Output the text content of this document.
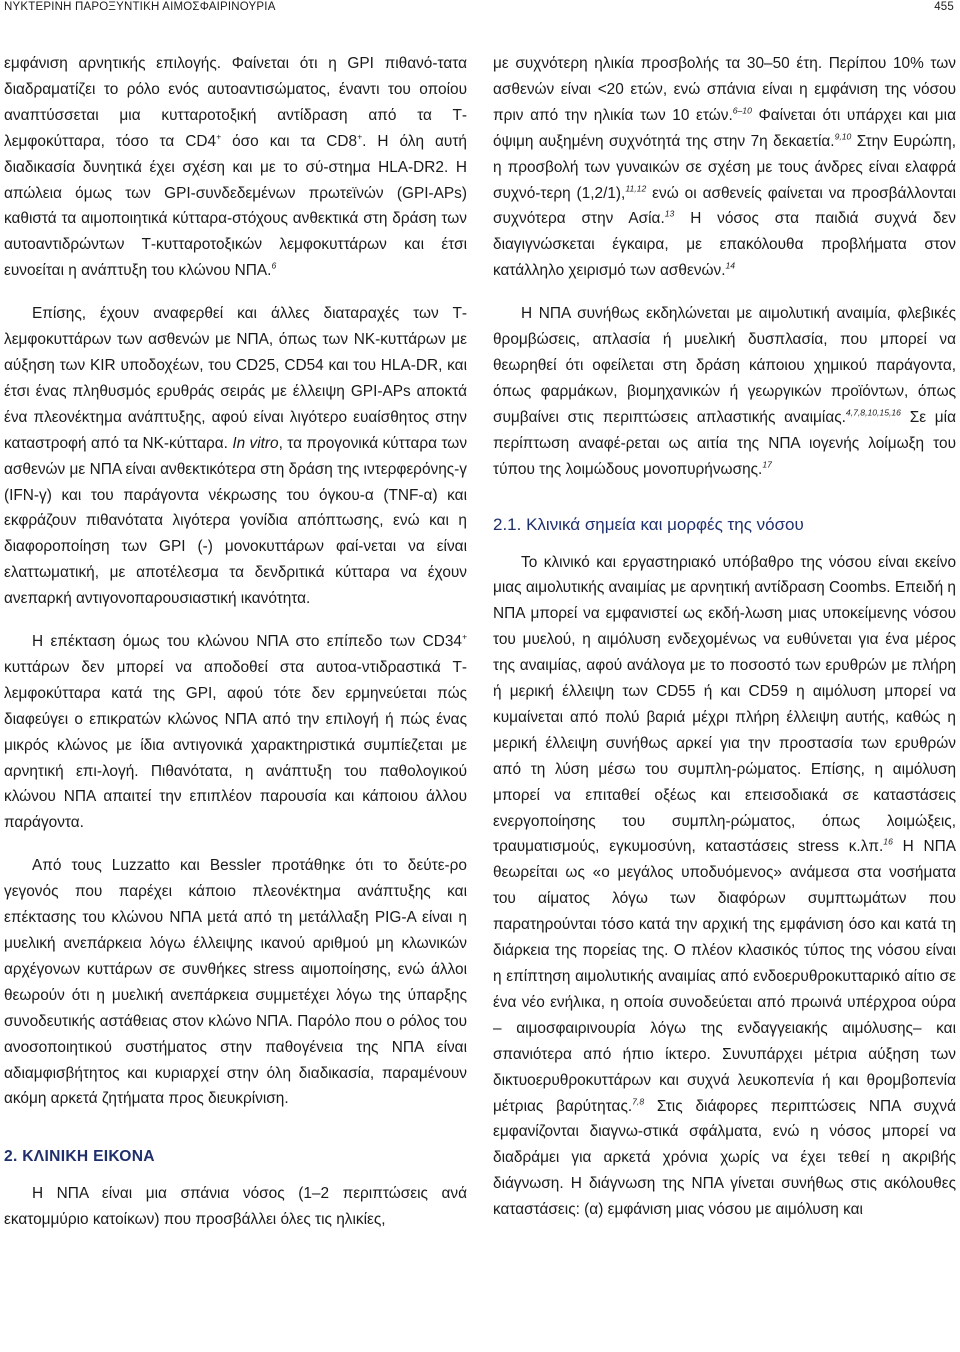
ΝΥΚΤΕΡΙΝΗ ΠΑΡΟΞΥΝΤΙΚΗ ΑΙΜΟΣΦΑΙΡΙΝΟΥΡΙΑ	455

εμφάνιση αρνητικής επιλογής. Φαίνεται ότι η GPI πιθανό-τατα διαδραματίζει το ρόλο ενός αυτοαντισώματος, έναντι του οποίου αναπτύσσεται μια κυτταροτοξική αντίδραση από τα Τ-λεμφοκύτταρα, τόσο τα CD4+ όσο και τα CD8+. Η όλη αυτή διαδικασία δυνητικά έχει σχέση και με το σύ-στημα HLA-DR2. Η απώλεια όμως των GPI-συνδεδεμένων πρωτεϊνών (GPI-APs) καθιστά τα αιμοποιητικά κύτταρα-στόχους ανθεκτικά στη δράση των αυτοαντιδρώντων Τ-κυτταροτοξικών λεμφοκυττάρων και έτσι ευνοείται η ανάπτυξη του κλώνου ΝΠΑ.$^6$

Επίσης, έχουν αναφερθεί και άλλες διαταραχές των Τ-λεμφοκυττάρων των ασθενών με ΝΠΑ, όπως των NK-κυττάρων με αύξηση των KIR υποδοχέων, του CD25, CD54 και του HLA-DR, και έτσι ένας πληθυσμός ερυθράς σειράς με έλλειψη GPI-APs αποκτά ένα πλεονέκτημα ανάπτυξης, αφού είναι λιγότερο ευαίσθητος στην καταστροφή από τα NK-κύτταρα. In vitro, τα προγονικά κύτταρα των ασθενών με ΝΠΑ είναι ανθεκτικότερα στη δράση της ιντερφερόνης-γ (IFN-γ) και του παράγοντα νέκρωσης του όγκου-α (TNF-α) και εκφράζουν πιθανότατα λιγότερα γονίδια απόπτωσης, ενώ και η διαφοροποίηση των GPI (-) μονοκυττάρων φαί-νεται να είναι ελαττωματική, με αποτέλεσμα τα δενδριτικά κύτταρα να έχουν ανεπαρκή αντιγονοπαρουσιαστική ικανότητα.

Η επέκταση όμως του κλώνου ΝΠΑ στο επίπεδο των CD34+ κυττάρων δεν μπορεί να αποδοθεί στα αυτοα-ντιδραστικά Τ-λεμφοκύτταρα κατά της GPI, αφού τότε δεν ερμηνεύεται πώς διαφεύγει ο επικρατών κλώνος ΝΠΑ από την επιλογή ή πώς ένας μικρός κλώνος με ίδια αντιγονικά χαρακτηριστικά συμπίεζεται με αρνητική επι-λογή. Πιθανότατα, η ανάπτυξη του παθολογικού κλώνου ΝΠΑ απαιτεί την επιπλέον παρουσία και κάποιου άλλου παράγοντα.

Από τους Luzzatto και Bessler προτάθηκε ότι το δεύτε-ρο γεγονός που παρέχει κάποιο πλεονέκτημα ανάπτυξης και επέκτασης του κλώνου ΝΠΑ μετά από τη μετάλλαξη PIG-A είναι η μυελική ανεπάρκεια λόγω έλλειψης ικανού αριθμού μη κλωνικών αρχέγονων κυττάρων σε συνθήκες stress αιμοποίησης, ενώ άλλοι θεωρούν ότι η μυελική ανεπάρκεια συμμετέχει λόγω της ύπαρξης συνοδευτικής αστάθειας στον κλώνο ΝΠΑ. Παρόλο που ο ρόλος του ανοσοποιητικού συστήματος στην παθογένεια της ΝΠΑ είναι αδιαμφισβήτητος και κυριαρχεί στην όλη διαδικασία, παραμένουν ακόμη αρκετά ζητήματα προς διευκρίνιση.

2. ΚΛΙΝΙΚΗ ΕΙΚΟΝΑ

Η ΝΠΑ είναι μια σπάνια νόσος (1–2 περιπτώσεις ανά εκατομμύριο κατοίκων) που προσβάλλει όλες τις ηλικίες,

με συχνότερη ηλικία προσβολής τα 30–50 έτη. Περίπου 10% των ασθενών είναι <20 ετών, ενώ σπάνια είναι η εμφάνιση της νόσου πριν από την ηλικία των 10 ετών.$^{6-10}$ Φαίνεται ότι υπάρχει και μια όψιμη αυξημένη συχνότητά της στην 7η δεκαετία.$^{9,10}$ Στην Ευρώπη, η προσβολή των γυναικών σε σχέση με τους άνδρες είναι ελαφρά συχνό-τερη (1,2/1),$^{11,12}$ ενώ οι ασθενείς φαίνεται να προσβάλλονται συχνότερα στην Ασία.$^{13}$ Η νόσος στα παιδιά συχνά δεν διαγιγνώσκεται έγκαιρα, με επακόλουθα προβλήματα στον κατάλληλο χειρισμό των ασθενών.$^{14}$

Η ΝΠΑ συνήθως εκδηλώνεται με αιμολυτική αναιμία, φλεβικές θρομβώσεις, απλασία ή μυελική δυσπλασία, που μπορεί να θεωρηθεί ότι οφείλεται στη δράση κάποιου χημικού παράγοντα, όπως φαρμάκων, βιομηχανικών ή γεωργικών προϊόντων, όπως συμβαίνει στις περιπτώσεις απλαστικής αναιμίας.$^{4,7,8,10,15,16}$ Σε μία περίπτωση αναφέ-ρεται ως αιτία της ΝΠΑ ιογενής λοίμωξη του τύπου της λοιμώδους μονοπυρήνωσης.$^{17}$

2.1. Κλινικά σημεία και μορφές της νόσου

Το κλινικό και εργαστηριακό υπόβαθρο της νόσου είναι εκείνο μιας αιμολυτικής αναιμίας με αρνητική αντίδραση Coombs. Επειδή η ΝΠΑ μπορεί να εμφανιστεί ως εκδή-λωση μιας υποκείμενης νόσου του μυελού, η αιμόλυση ενδεχομένως να ευθύνεται για ένα μέρος της αναιμίας, αφού ανάλογα με το ποσοστό των ερυθρών με πλήρη ή μερική έλλειψη των CD55 ή και CD59 η αιμόλυση μπορεί να κυμαίνεται από πολύ βαριά μέχρι πλήρη έλλειψη αυτής, καθώς η μερική έλλειψη συνήθως αρκεί για την προστασία των ερυθρών από τη λύση μέσω του συμπλη-ρώματος. Επίσης, η αιμόλυση μπορεί να επιταθεί οξέως και επεισοδιακά σε καταστάσεις ενεργοποίησης του συμπλη-ρώματος, όπως λοιμώξεις, τραυματισμούς, εγκυμοσύνη, καταστάσεις stress κ.λπ.$^{16}$ Η ΝΠΑ θεωρείται ως «ο μεγάλος υποδυόμενος» ανάμεσα στα νοσήματα του αίματος λόγω των διαφόρων συμπτωμάτων που παρατηρούνται τόσο κατά την αρχική της εμφάνιση όσο και κατά τη διάρκεια της πορείας της. Ο πλέον κλασικός τύπος της νόσου είναι η επίπτηση αιμολυτικής αναιμίας από ενδοερυθροκυτταρικό αίτιο σε ένα νέο ενήλικα, η οποία συνοδεύεται από πρωινά υπέρχροα ούρα – αιμοσφαιρινουρία λόγω της ενδαγγειακής αιμόλυσης– και σπανιότερα από ήπιο ίκτερο. Συνυπάρχει μέτρια αύξηση των δικτυοερυθροκυττάρων και συχνά λευκοπενία ή και θρομβοπενία μέτριας βαρύτητας.$^{7,8}$ Στις διάφορες περιπτώσεις ΝΠΑ συχνά εμφανίζονται διαγνω-στικά σφάλματα, ενώ η νόσος μπορεί να διαδράμει για αρκετά χρόνια χωρίς να έχει τεθεί η ακριβής διάγνωση. Η διάγνωση της ΝΠΑ γίνεται συνήθως στις ακόλουθες καταστάσεις: (α) εμφάνιση μιας νόσου με αιμόλυση και
